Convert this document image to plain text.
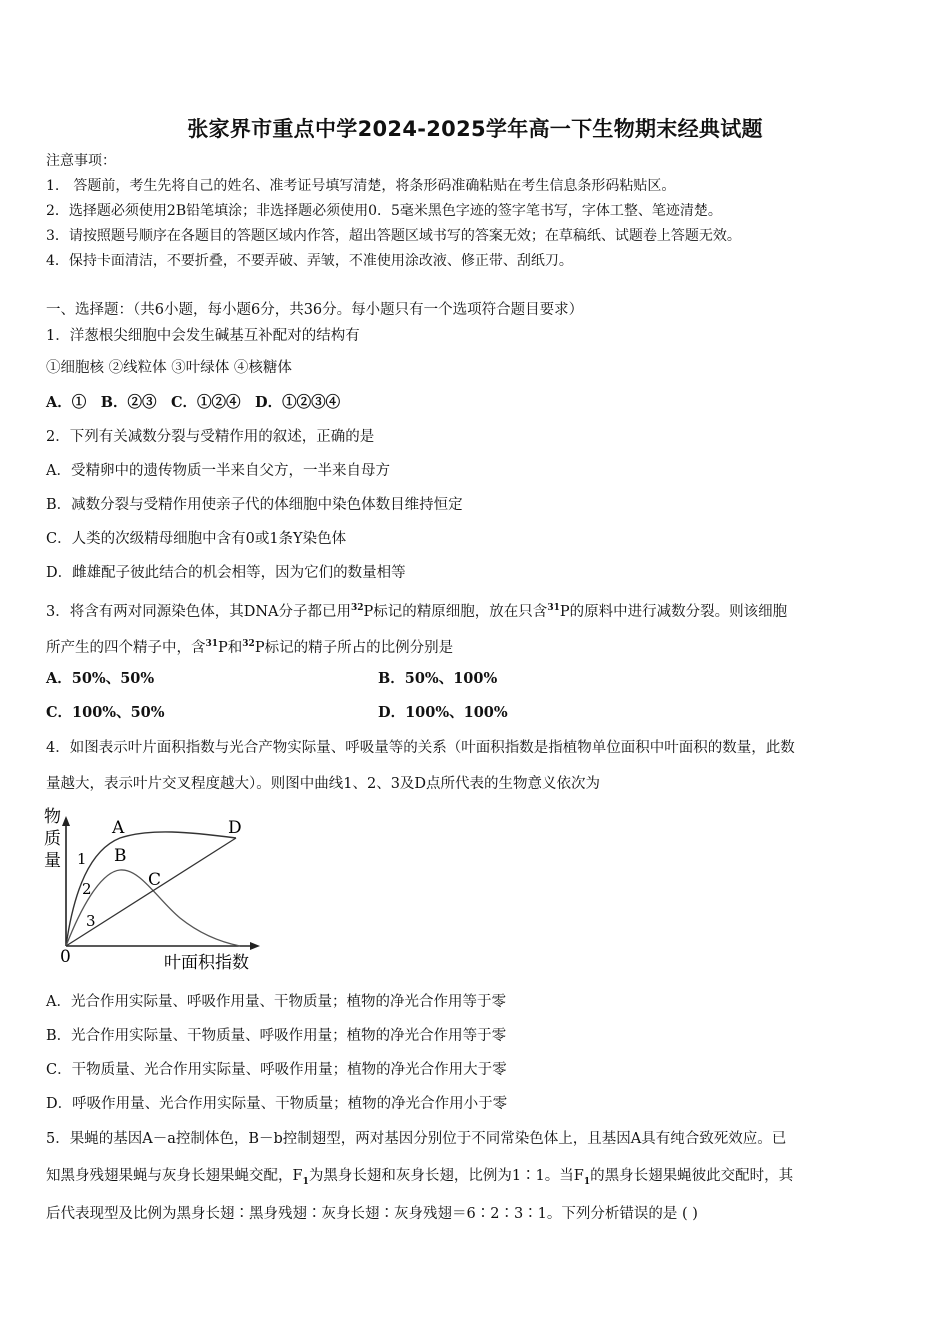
张家界市重点中学2024-2025学年高一下生物期末经典试题
注意事项：
1.　答题前，考生先将自己的姓名、准考证号填写清楚，将条形码准确粘贴在考生信息条形码粘贴区。
2．选择题必须使用2B铅笔填涂；非选择题必须使用0．5毫米黑色字迹的签字笔书写，字体工整、笔迹清楚。
3．请按照题号顺序在各题目的答题区域内作答，超出答题区域书写的答案无效；在草稿纸、试题卷上答题无效。
4．保持卡面清洁，不要折叠，不要弄破、弄皱，不准使用涂改液、修正带、刮纸刀。
一、选择题：（共6小题，每小题6分，共36分。每小题只有一个选项符合题目要求）
1．洋葱根尖细胞中会发生碱基互补配对的结构有
①细胞核 ②线粒体 ③叶绿体 ④核糖体
A．①　B．②③　C．①②④　D．①②③④
2．下列有关减数分裂与受精作用的叙述，正确的是
A．受精卵中的遗传物质一半来自父方，一半来自母方
B．减数分裂与受精作用使亲子代的体细胞中染色体数目维持恒定
C．人类的次级精母细胞中含有0或1条Y染色体
D．雌雄配子彼此结合的机会相等，因为它们的数量相等
3．将含有两对同源染色体，其DNA分子都已用$^{32}$P标记的精原细胞，放在只含$^{31}$P的原料中进行减数分裂。则该细胞
所产生的四个精子中，含$^{31}$P和$^{32}$P标记的精子所占的比例分别是
A．50%、50%	B．50%、100%
C．100%、50%	D．100%、100%
4．如图表示叶片面积指数与光合产物实际量、呼吸量等的关系（叶面积指数是指植物单位面积中叶面积的数量，此数
量越大，表示叶片交叉程度越大）。则图中曲线1、2、3及D点所代表的生物意义依次为
物
质
量
叶面积指数
0
A
B
C
D
1
2
3
A．光合作用实际量、呼吸作用量、干物质量；植物的净光合作用等于零
B．光合作用实际量、干物质量、呼吸作用量；植物的净光合作用等于零
C．干物质量、光合作用实际量、呼吸作用量；植物的净光合作用大于零
D．呼吸作用量、光合作用实际量、干物质量；植物的净光合作用小于零
5．果蝇的基因A－a控制体色，B－b控制翅型，两对基因分别位于不同常染色体上，且基因A具有纯合致死效应。已
知黑身残翅果蝇与灰身长翅果蝇交配，$F_1$为黑身长翅和灰身长翅，比例为1∶1。当$F_1$的黑身长翅果蝇彼此交配时，其
后代表现型及比例为黑身长翅∶黑身残翅∶灰身长翅∶灰身残翅＝6∶2∶3∶1。下列分析错误的是 ( )
